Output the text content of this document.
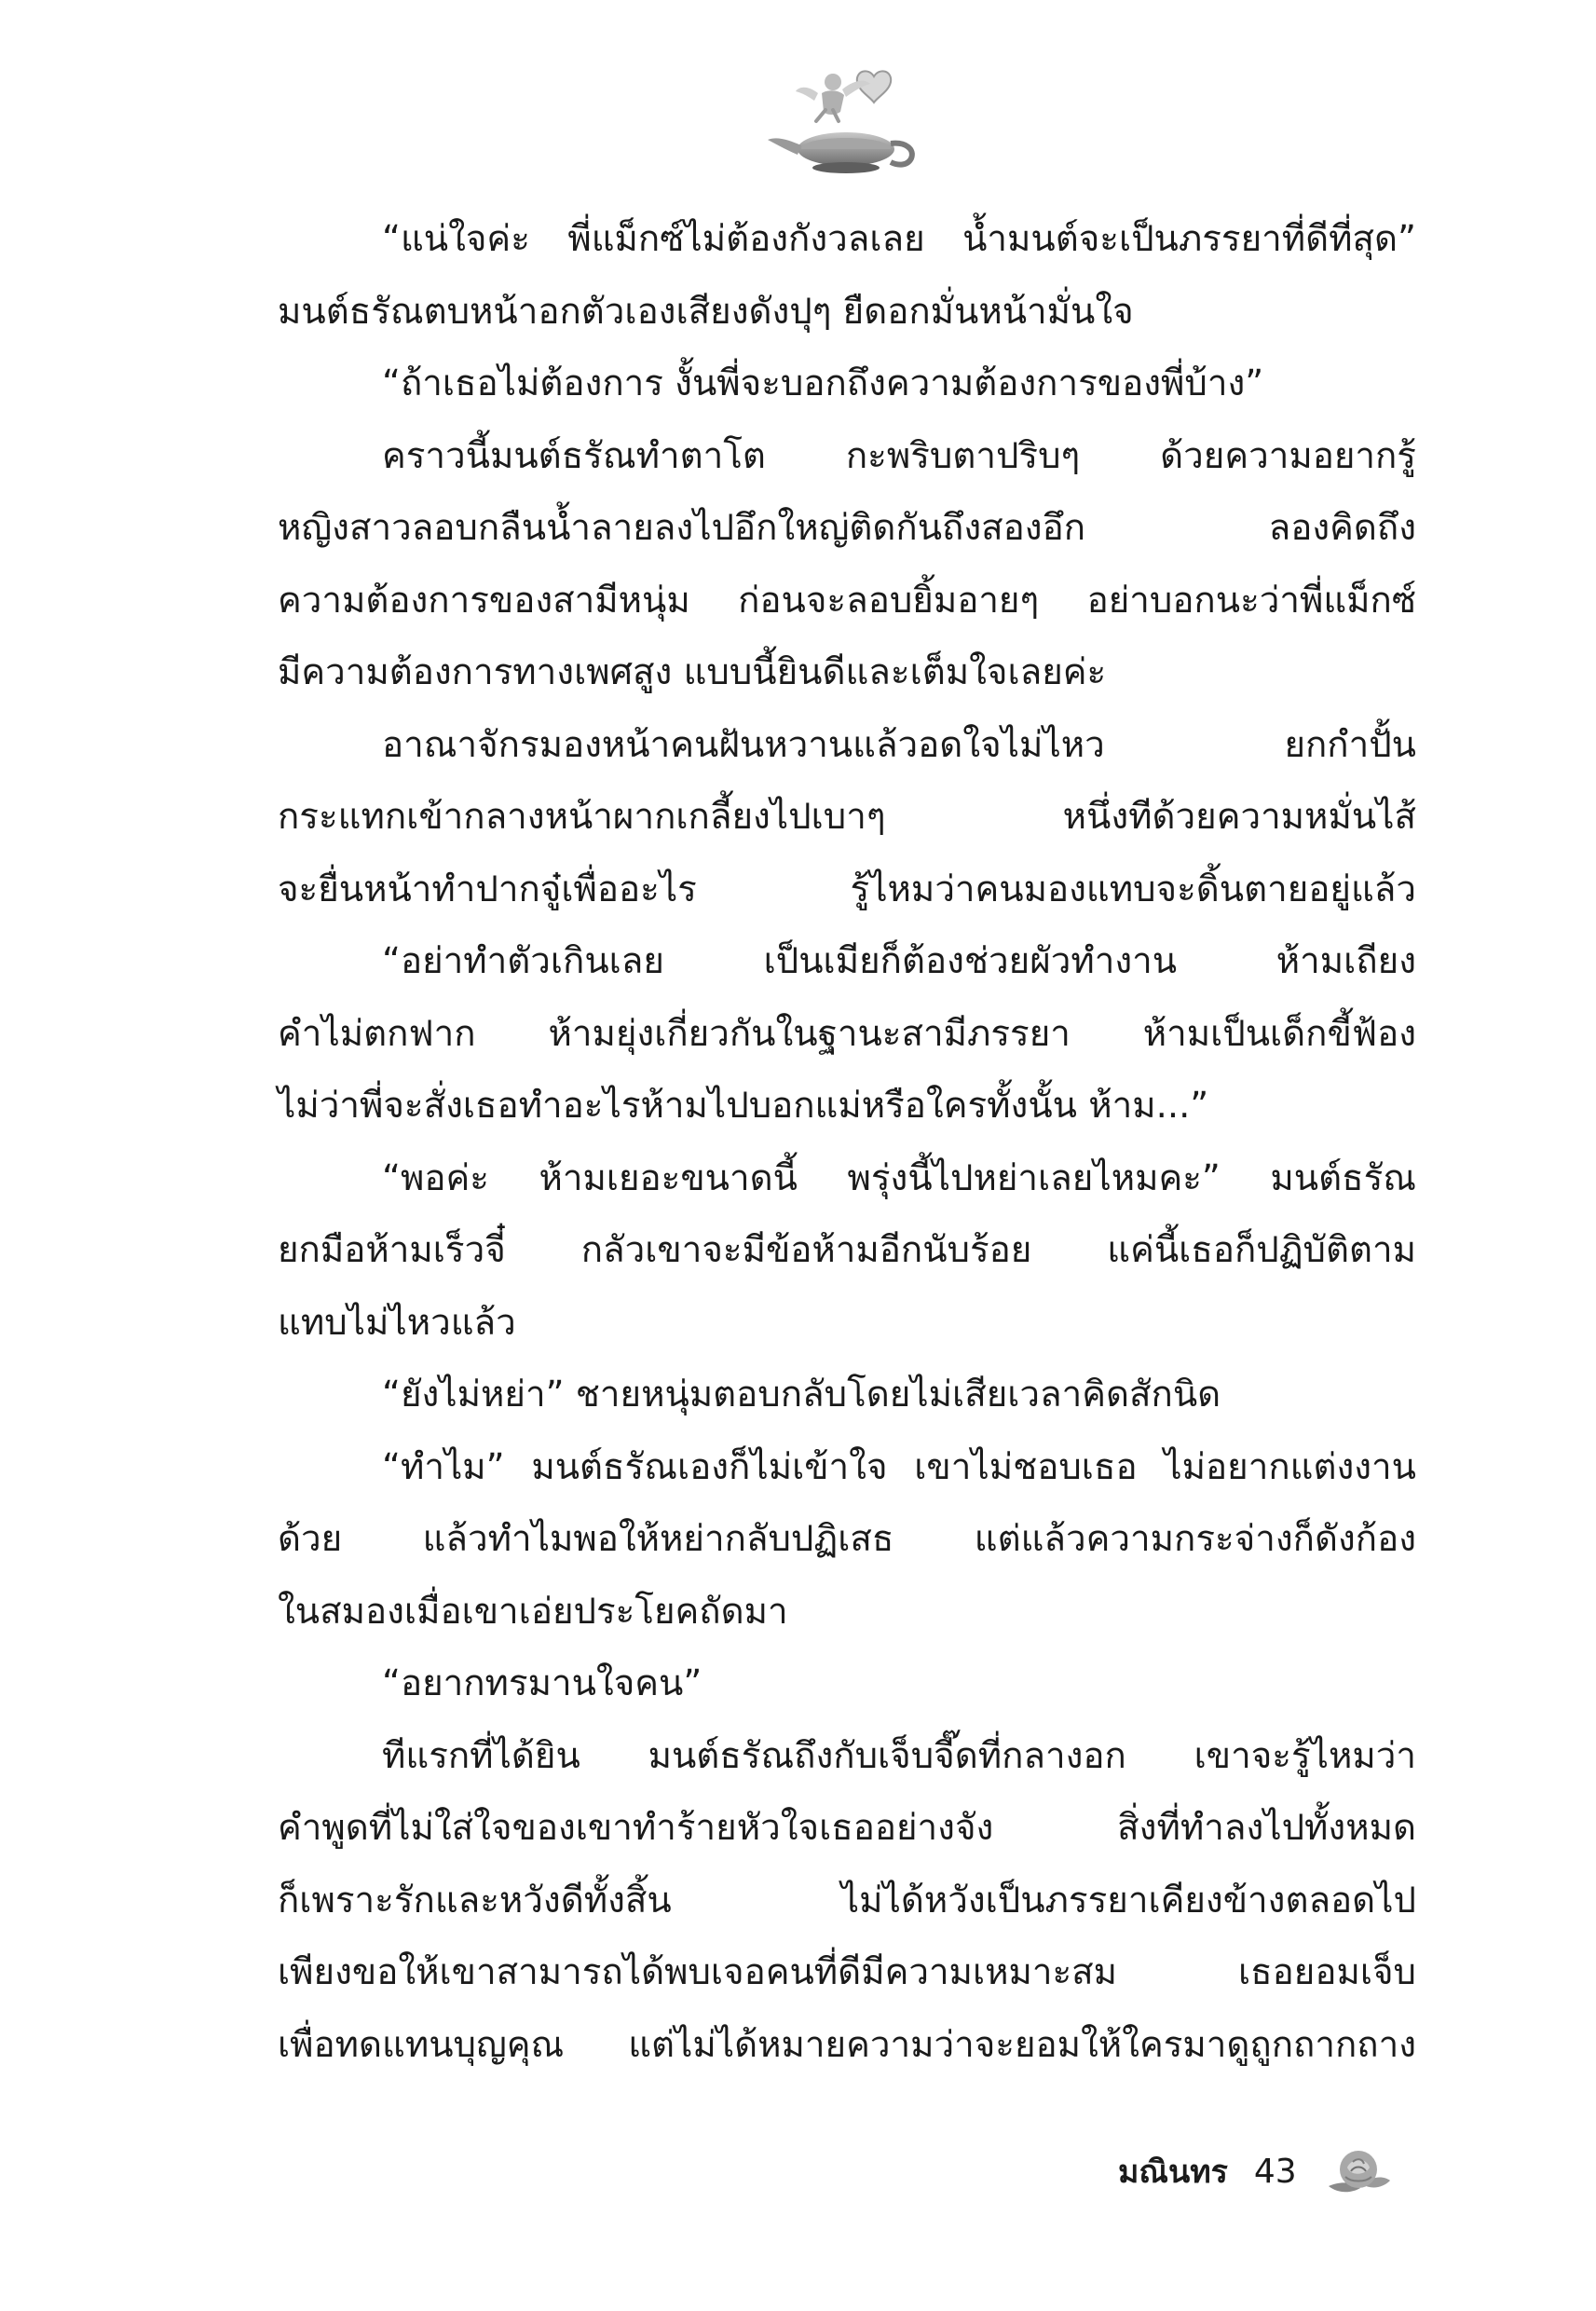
“แน่ใจค่ะ พี่แม็กซ์ไม่ต้องกังวลเลย น้ำมนต์จะเป็นภรรยาที่ดีที่สุด”
มนต์ธรัณตบหน้าอกตัวเองเสียงดังปุๆ ยืดอกมั่นหน้ามั่นใจ
“ถ้าเธอไม่ต้องการ งั้นพี่จะบอกถึงความต้องการของพี่บ้าง”
คราวนี้มนต์ธรัณทำตาโต กะพริบตาปริบๆ ด้วยความอยากรู้
หญิงสาวลอบกลืนน้ำลายลงไปอึกใหญ่ติดกันถึงสองอึก ลองคิดถึง
ความต้องการของสามีหนุ่ม ก่อนจะลอบยิ้มอายๆ อย่าบอกนะว่าพี่แม็กซ์
มีความต้องการทางเพศสูง แบบนี้ยินดีและเต็มใจเลยค่ะ
อาณาจักรมองหน้าคนฝันหวานแล้วอดใจไม่ไหว ยกกำปั้น
กระแทกเข้ากลางหน้าผากเกลี้ยงไปเบาๆ หนึ่งทีด้วยความหมั่นไส้
จะยื่นหน้าทำปากจู๋เพื่ออะไร รู้ไหมว่าคนมองแทบจะดิ้นตายอยู่แล้ว
“อย่าทำตัวเกินเลย เป็นเมียก็ต้องช่วยผัวทำงาน ห้ามเถียง
คำไม่ตกฟาก ห้ามยุ่งเกี่ยวกันในฐานะสามีภรรยา ห้ามเป็นเด็กขี้ฟ้อง
ไม่ว่าพี่จะสั่งเธอทำอะไรห้ามไปบอกแม่หรือใครทั้งนั้น ห้าม...”
“พอค่ะ ห้ามเยอะขนาดนี้ พรุ่งนี้ไปหย่าเลยไหมคะ” มนต์ธรัณ
ยกมือห้ามเร็วจี๋ กลัวเขาจะมีข้อห้ามอีกนับร้อย แค่นี้เธอก็ปฏิบัติตาม
แทบไม่ไหวแล้ว
“ยังไม่หย่า” ชายหนุ่มตอบกลับโดยไม่เสียเวลาคิดสักนิด
“ทำไม” มนต์ธรัณเองก็ไม่เข้าใจ เขาไม่ชอบเธอ ไม่อยากแต่งงาน
ด้วย แล้วทำไมพอให้หย่ากลับปฏิเสธ แต่แล้วความกระจ่างก็ดังก้อง
ในสมองเมื่อเขาเอ่ยประโยคถัดมา
“อยากทรมานใจคน”
ทีแรกที่ได้ยิน มนต์ธรัณถึงกับเจ็บจี๊ดที่กลางอก เขาจะรู้ไหมว่า
คำพูดที่ไม่ใส่ใจของเขาทำร้ายหัวใจเธออย่างจัง สิ่งที่ทำลงไปทั้งหมด
ก็เพราะรักและหวังดีทั้งสิ้น ไม่ได้หวังเป็นภรรยาเคียงข้างตลอดไป
เพียงขอให้เขาสามารถได้พบเจอคนที่ดีมีความเหมาะสม เธอยอมเจ็บ
เพื่อทดแทนบุญคุณ แต่ไม่ได้หมายความว่าจะยอมให้ใครมาดูถูกถากถาง
มณินทร 43
